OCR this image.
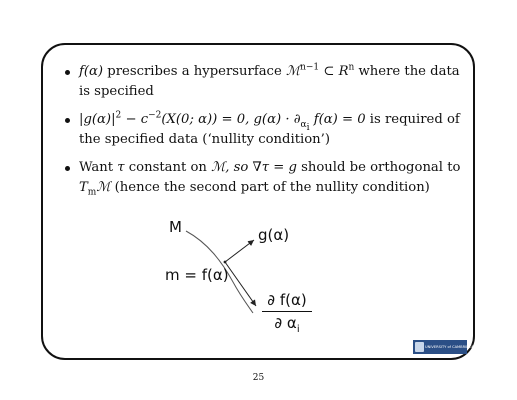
f(α) prescribes a hypersurface ℳ$^{n-1}$ ⊂ $R^n$ where the data is specified
$|g(\alpha)|^2 - c^{-2}(X(0$; α)) = 0, $g(\alpha) \cdot \partial_{\alpha_i}$ f(α) = 0 is required of the specified data (‘nullity condition’)
Want τ constant on ℳ, so ∇τ = g should be orthogonal to $T_mℳ$ (hence the second part of the nullity condition)
M	g(α)
m = f(α)
$\frac{\partial f(\alpha)}{\partial \alpha_i}$
UNIVERSITY of CAMBRIDGE
25
